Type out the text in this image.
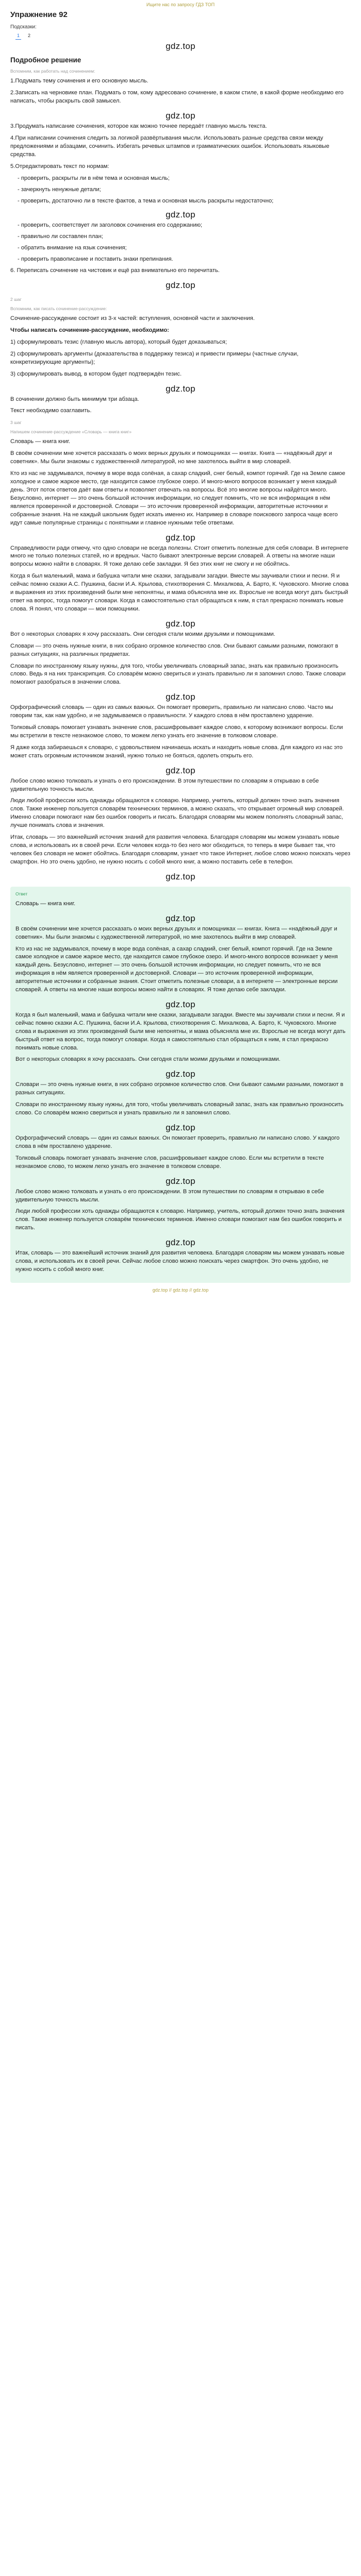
Ищите нас по запросу ГДЗ ТОП
Упражнение 92
Подсказки:
1	2
gdz.top
Подробное решение
Вспомним, как работать над сочинением:

1.Подумать тему сочинения и его основную мысль.

2.Записать на черновике план. Подумать о том, кому адресовано сочинение, в каком стиле, в какой форме необходимо его написать, чтобы раскрыть свой замысел.

gdz.top

3.Продумать написание сочинения, которое как можно точнее передаёт главную мысль текста.

4.При написании сочинения следить за логикой развёртывания мысли. Использовать разные средства связи между предложениями и абзацами, сочинить. Избегать речевых штампов и грамматических ошибок. Использовать языковые средства.

5.Отредактировать текст по нормам:

- проверить, раскрыты ли в нём тема и основная мысль;

- зачеркнуть ненужные детали;

- проверить, достаточно ли в тексте фактов, а тема и основная мысль раскрыты недостаточно;

gdz.top

- проверить, соответствует ли заголовок сочинения его содержанию;

- правильно ли составлен план;

- обратить внимание на язык сочинения;

- проверить правописание и поставить знаки препинания.

6. Переписать сочинение на чистовик и ещё раз внимательно его перечитать.

gdz.top
2 шаг
Вспомним, как писать сочинение-рассуждение:

Сочинение-рассуждение состоит из 3-х частей: вступления, основной части и заключения.

Чтобы написать сочинение-рассуждение, необходимо:

1) сформулировать тезис (главную мысль автора), который будет доказываться;

2) сформулировать аргументы (доказательства в поддержку тезиса) и привести примеры (частные случаи, конкретизирующие аргументы);

3) сформулировать вывод, в котором будет подтверждён тезис.

gdz.top

В сочинении должно быть минимум три абзаца.

Текст необходимо озаглавить.

3 шаг
Напишем сочинение-рассуждение «Словарь — книга книг»

Словарь — книга книг.

В своём сочинении мне хочется рассказать о моих верных друзьях и помощниках — книгах. Книга — «надёжный друг и советник». Мы были знакомы с художественной литературой, но мне захотелось выйти в мир словарей.

Кто из нас не задумывался, почему в море вода солёная, а сахар сладкий, снег белый, компот горячий. Где на Земле самое холодное и самое жаркое место, где находится самое глубокое озеро. И много-много вопросов возникает у меня каждый день. Этот поток ответов даёт вам ответы и позволяет отвечать на вопросы. Всё это многие вопросы найдётся много. Безусловно, интернет — это очень большой источник информации, но следует помнить, что не вся информация в нём является проверенной и достоверной. Словари — это источник проверенной информации, авторитетные источники и собранные знания. На не каждый школьник будет искать именно их. Например в словаре поискового запроса чаще всего идут самые популярные страницы с понятными и главное нужными тебе ответами.

gdz.top

Справедливости ради отмечу, что одно словари не всегда полезны. Стоит отметить полезные для себя словари. В интернете много не только полезных статей, но и вредных. Часто бывают электронные версии словарей. А ответы на многие наши вопросы можно найти в словарях. Я тоже делаю себе закладки. Я без этих книг не смогу и не обойтись.

Когда я был маленький, мама и бабушка читали мне сказки, загадывали загадки. Вместе мы заучивали стихи и песни. Я и сейчас помню сказки А.С. Пушкина, басни И.А. Крылова, стихотворения С. Михалкова, А. Барто, К. Чуковского. Многие слова и выражения из этих произведений были мне непонятны, и мама объясняла мне их. Взрослые не всегда могут дать быстрый ответ на вопрос, тогда помогут словари. Когда я самостоятельно стал обращаться к ним, я стал прекрасно понимать новые слова. Я понял, что словари — мои помощники.

gdz.top

Вот о некоторых словарях я хочу рассказать. Они сегодня стали моими друзьями и помощниками.

Словари — это очень нужные книги, в них собрано огромное количество слов. Они бывают самыми разными, помогают в разных ситуациях, на различных предметах.

Словари по иностранному языку нужны, для того, чтобы увеличивать словарный запас, знать как правильно произносить слово. Ведь я на них транскрипция. Со словарём можно свериться и узнать правильно ли я запомнил слово. Также словари помогают разобраться в значении слова.

gdz.top

Орфографический словарь — один из самых важных. Он помогает проверить, правильно ли написано слово. Часто мы говорим так, как нам удобно, и не задумываемся о правильности. У каждого слова в нём проставлено ударение.

Толковый словарь помогает узнавать значение слов, расшифровывает каждое слово, к которому возникают вопросы. Если мы встретили в тексте незнакомое слово, то можем легко узнать его значение в толковом словаре.

Я даже когда забираешься к словарю, с удовольствием начинаешь искать и находить новые слова. Для каждого из нас это может стать огромным источником знаний, нужно только не бояться, одолеть открыть его.

gdz.top

Любое слово можно толковать и узнать о его происхождении. В этом путешествии по словарям я открываю в себе удивительную точность мысли.

Люди любой профессии хоть однажды обращаются к словарю. Например, учитель, который должен точно знать значения слов. Также инженер пользуется словарём технических терминов, а можно сказать, что открывает огромный мир словарей. Именно словари помогают нам без ошибок говорить и писать. Благодаря словарям мы можем пополнять словарный запас, лучше понимать слова и значения.

Итак, словарь — это важнейший источник знаний для развития человека. Благодаря словарям мы можем узнавать новые слова, и использовать их в своей речи. Если человек когда-то без него мог обходиться, то теперь в мире бывает так, что человек без словаря не может обойтись. Благодаря словарям, узнает что такое Интернет, любое слово можно поискать через смартфон. Но это очень удобно, не нужно носить с собой много книг, а можно поставить себе в телефон.

gdz.top
Ответ

Словарь — книга книг.

gdz.top

В своём сочинении мне хочется рассказать о моих верных друзьях и помощниках — книгах. Книга — «надёжный друг и советник». Мы были знакомы с художественной литературой, но мне захотелось выйти в мир словарей.

Кто из нас не задумывался, почему в море вода солёная, а сахар сладкий, снег белый, компот горячий. Где на Земле самое холодное и самое жаркое место, где находится самое глубокое озеро. И много-много вопросов возникает у меня каждый день. Безусловно, интернет — это очень большой источник информации, но следует помнить, что не вся информация в нём является проверенной и достоверной. Словари — это источник проверенной информации, авторитетные источники и собранные знания. Стоит отметить полезные словари, а в интернете — электронные версии словарей. А ответы на многие наши вопросы можно найти в словарях. Я тоже делаю себе закладки.

gdz.top

Когда я был маленький, мама и бабушка читали мне сказки, загадывали загадки. Вместе мы заучивали стихи и песни. Я и сейчас помню сказки А.С. Пушкина, басни И.А. Крылова, стихотворения С. Михалкова, А. Барто, К. Чуковского. Многие слова и выражения из этих произведений были мне непонятны, и мама объясняла мне их. Взрослые не всегда могут дать быстрый ответ на вопрос, тогда помогут словари. Когда я самостоятельно стал обращаться к ним, я стал прекрасно понимать новые слова.

Вот о некоторых словарях я хочу рассказать. Они сегодня стали моими друзьями и помощниками.

gdz.top

Словари — это очень нужные книги, в них собрано огромное количество слов. Они бывают самыми разными, помогают в разных ситуациях.

Словари по иностранному языку нужны, для того, чтобы увеличивать словарный запас, знать как правильно произносить слово. Со словарём можно свериться и узнать правильно ли я запомнил слово.

gdz.top

Орфографический словарь — один из самых важных. Он помогает проверить, правильно ли написано слово. У каждого слова в нём проставлено ударение.

Толковый словарь помогает узнавать значение слов, расшифровывает каждое слово. Если мы встретили в тексте незнакомое слово, то можем легко узнать его значение в толковом словаре.

gdz.top

Любое слово можно толковать и узнать о его происхождении. В этом путешествии по словарям я открываю в себе удивительную точность мысли.

Люди любой профессии хоть однажды обращаются к словарю. Например, учитель, который должен точно знать значения слов. Также инженер пользуется словарём технических терминов. Именно словари помогают нам без ошибок говорить и писать.

gdz.top

Итак, словарь — это важнейший источник знаний для развития человека. Благодаря словарям мы можем узнавать новые слова, и использовать их в своей речи. Сейчас любое слово можно поискать через смартфон. Это очень удобно, не нужно носить с собой много книг.

gdz.top // gdz.top // gdz.top
